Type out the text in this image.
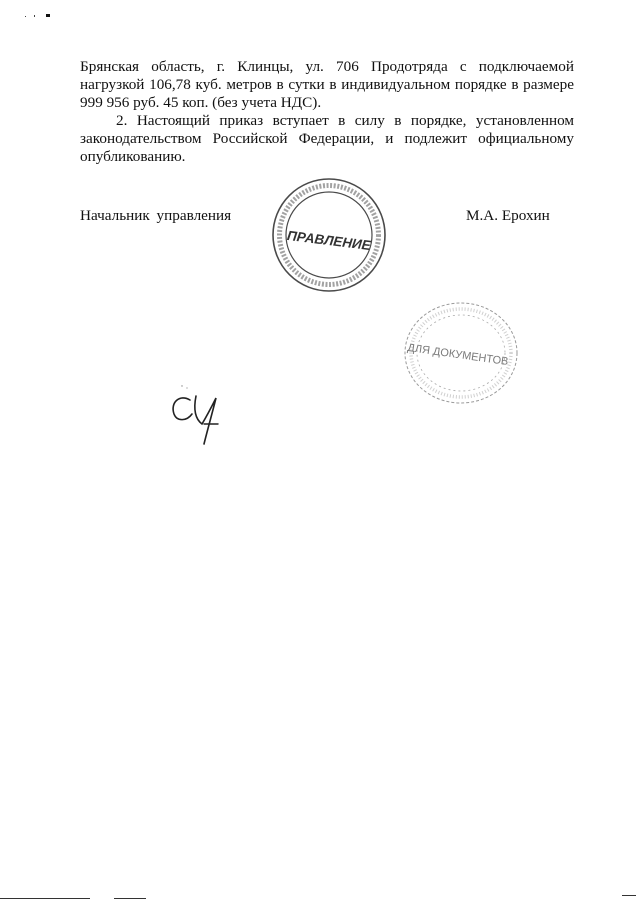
Брянская область, г. Клинцы, ул. 706 Продотряда с подключаемой нагрузкой 106,78 куб. метров в сутки в индивидуальном порядке в размере 999 956 руб. 45 коп. (без учета НДС).

2. Настоящий приказ вступает в силу в порядке, установленном законодательством Российской Федерации, и подлежит официальному опубликованию.

Начальник управления	М.А. Ерохин
ПРАВЛЕНИЕ
ДЛЯ ДОКУМЕНТОВ
